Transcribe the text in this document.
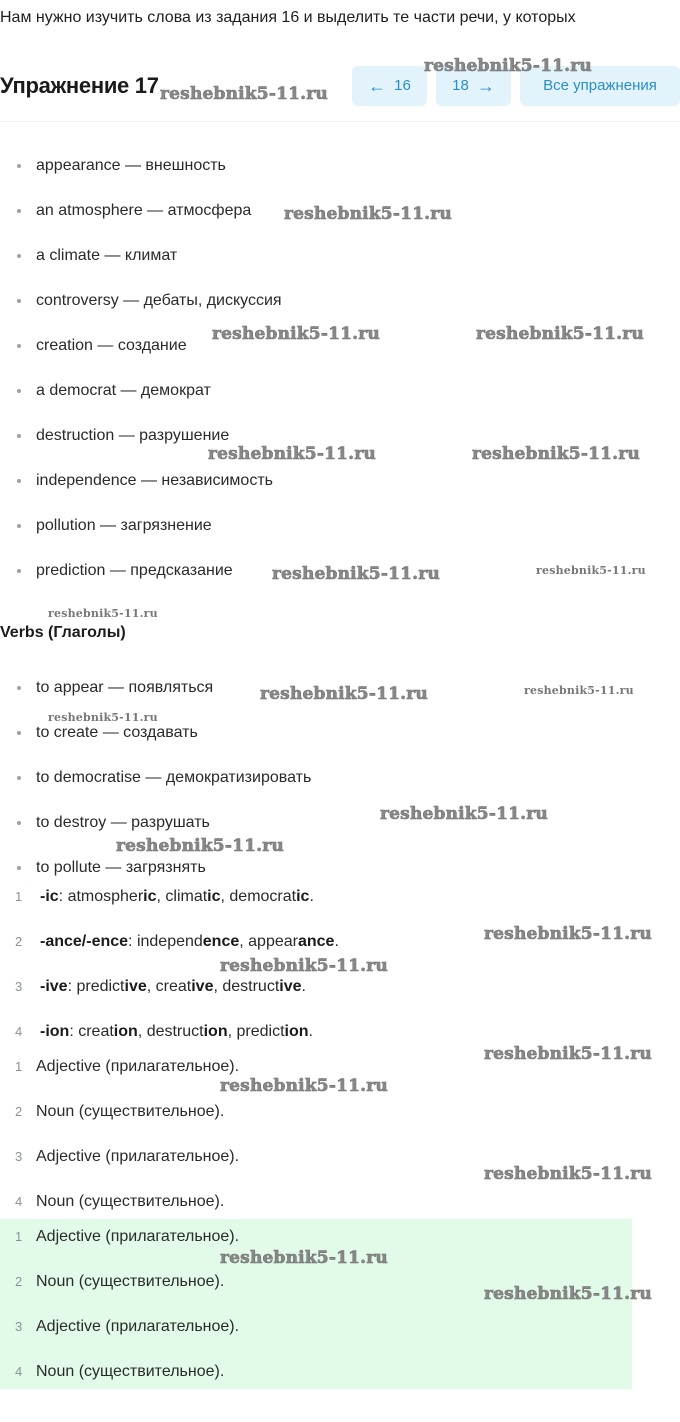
Нам нужно изучить слова из задания 16 и выделить те части речи, у которых
Упражнение 17	← 16	18 →	Все упражнения
appearance — внешность
an atmosphere — атмосфера
a climate — климат
controversy — дебаты, дискуссия
creation — создание
a democrat — демократ
destruction — разрушение
independence — независимость
pollution — загрязнение
prediction — предсказание
Verbs (Глаголы)
to appear — появляться
to create — создавать
to democratise — демократизировать
to destroy — разрушать
to pollute — загрязнять
1 -ic: atmospheric, climatic, democratic.
2 -ance/-ence: independence, appearance.
3 -ive: predictive, creative, destructive.
4 -ion: creation, destruction, prediction.
1 Adjective (прилагательное).
2 Noun (существительное).
3 Adjective (прилагательное).
4 Noun (существительное).
1 Adjective (прилагательное).
2 Noun (существительное).
3 Adjective (прилагательное).
4 Noun (существительное).
reshebnik5-11.ru
reshebnik5-11.ru	reshebnik5-11.ru
reshebnik5-11.ru	reshebnik5-11.ru
reshebnik5-11.ru	reshebnik5-11.ru
reshebnik5-11.ru
reshebnik5-11.ru	reshebnik5-11.ru
reshebnik5-11.ru
reshebnik5-11.ru
reshebnik5-11.ru
reshebnik5-11.ru
reshebnik5-11.ru
reshebnik5-11.ru
reshebnik5-11.ru
reshebnik5-11.ru
